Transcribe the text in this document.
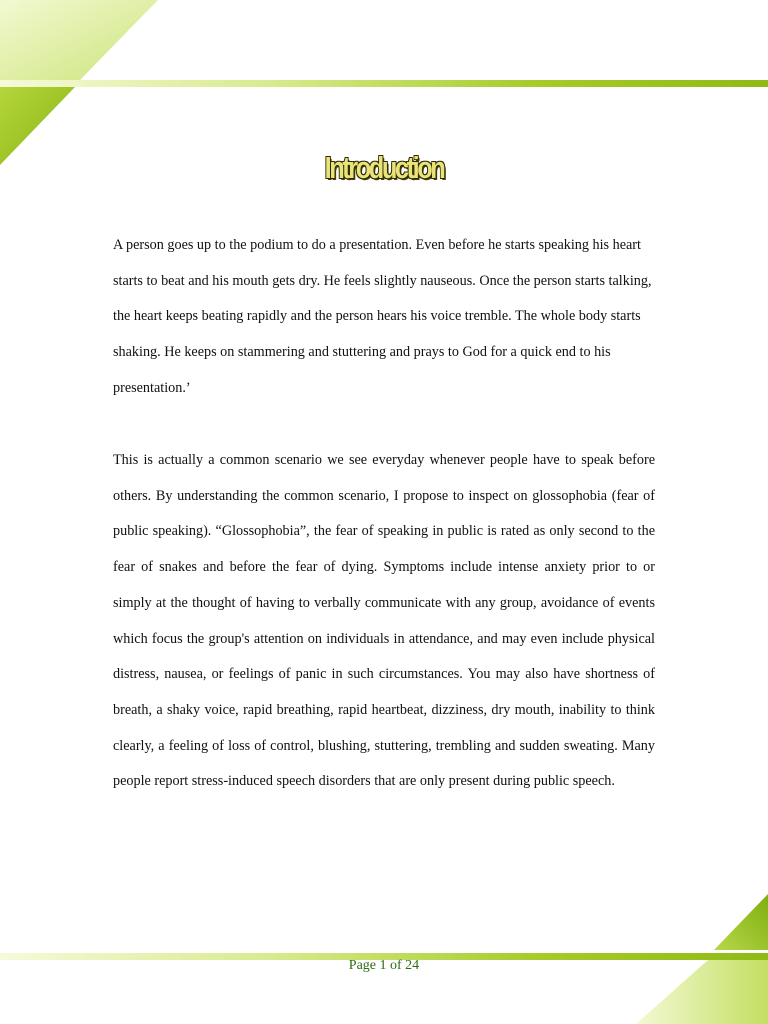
Introduction

A person goes up to the podium to do a presentation. Even before he starts speaking his heart starts to beat and his mouth gets dry. He feels slightly nauseous. Once the person starts talking, the heart keeps beating rapidly and the person hears his voice tremble. The whole body starts shaking. He keeps on stammering and stuttering and prays to God for a quick end to his presentation.’

This is actually a common scenario we see everyday whenever people have to speak before others. By understanding the common scenario, I propose to inspect on glossophobia (fear of public speaking). “Glossophobia”, the fear of speaking in public is rated as only second to the fear of snakes and before the fear of dying. Symptoms include intense anxiety prior to or simply at the thought of having to verbally communicate with any group, avoidance of events which focus the group's attention on individuals in attendance, and may even include physical distress, nausea, or feelings of panic in such circumstances. You may also have shortness of breath, a shaky voice, rapid breathing, rapid heartbeat, dizziness, dry mouth, inability to think clearly, a feeling of loss of control, blushing, stuttering, trembling and sudden sweating. Many people report stress-induced speech disorders that are only present during public speech.

Page 1 of 24
